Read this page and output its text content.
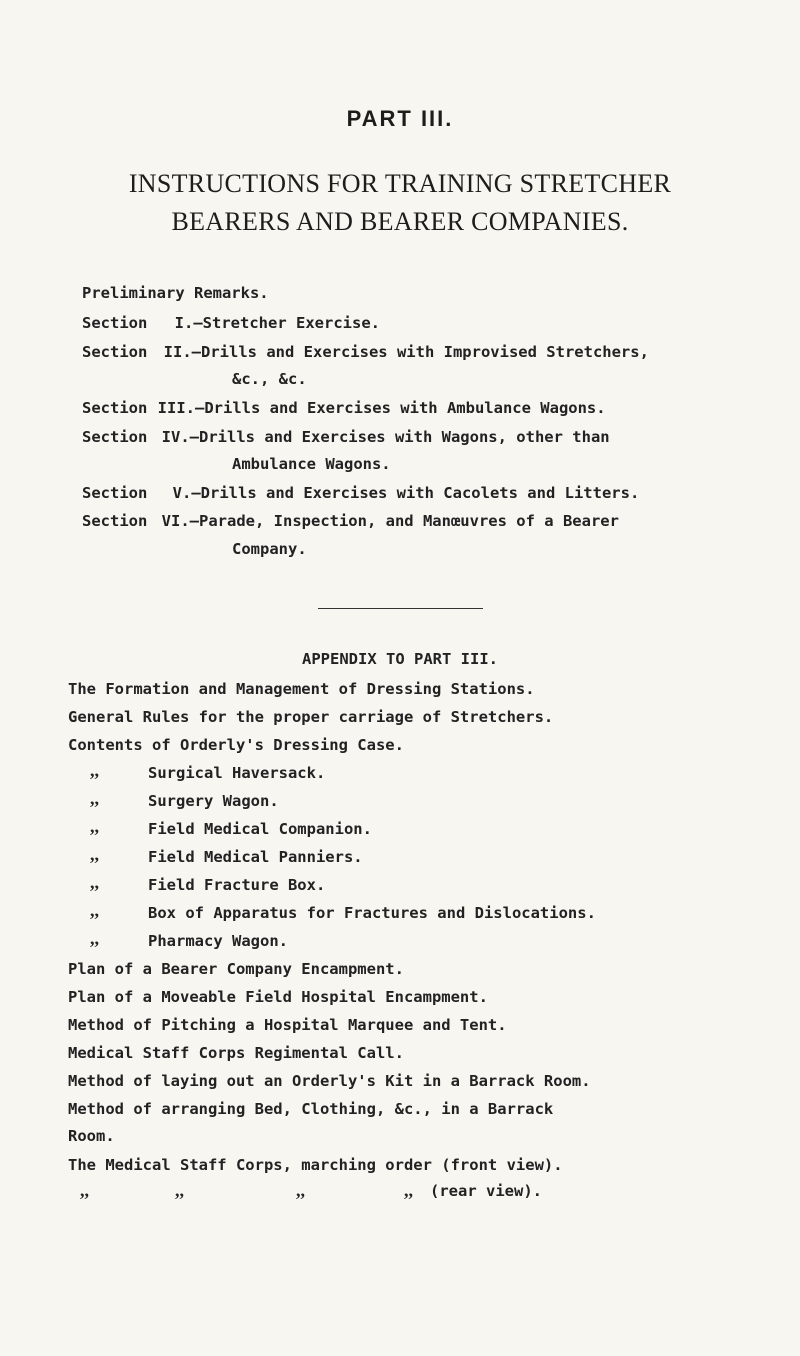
PART III.
INSTRUCTIONS FOR TRAINING STRETCHER
BEARERS AND BEARER COMPANIES.
Preliminary Remarks.
Section I.—Stretcher Exercise.
Section II.—Drills and Exercises with Improvised Stretchers,
&c., &c.
Section III.—Drills and Exercises with Ambulance Wagons.
Section IV.—Drills and Exercises with Wagons, other than
Ambulance Wagons.
Section V.—Drills and Exercises with Cacolets and Litters.
Section VI.—Parade, Inspection, and Manœuvres of a Bearer
Company.
APPENDIX TO PART III.
The Formation and Management of Dressing Stations.
General Rules for the proper carriage of Stretchers.
Contents of Orderly's Dressing Case.
,,	Surgical Haversack.
,,	Surgery Wagon.
,,	Field Medical Companion.
,,	Field Medical Panniers.
,,	Field Fracture Box.
,,	Box of Apparatus for Fractures and Dislocations.
,,	Pharmacy Wagon.
Plan of a Bearer Company Encampment.
Plan of a Moveable Field Hospital Encampment.
Method of Pitching a Hospital Marquee and Tent.
Medical Staff Corps Regimental Call.
Method of laying out an Orderly's Kit in a Barrack Room.
Method of arranging Bed, Clothing, &c., in a Barrack
Room.
The Medical Staff Corps, marching order (front view).
,,	,,	,,	,, (rear view).
